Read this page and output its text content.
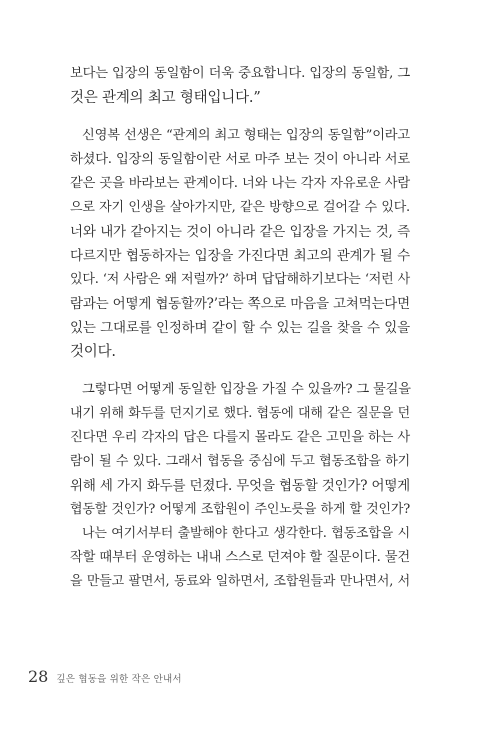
보다는 입장의 동일함이 더욱 중요합니다. 입장의 동일함, 그
것은 관계의 최고 형태입니다.”
신영복 선생은 “관계의 최고 형태는 입장의 동일함”이라고
하셨다. 입장의 동일함이란 서로 마주 보는 것이 아니라 서로
같은 곳을 바라보는 관계이다. 너와 나는 각자 자유로운 사람
으로 자기 인생을 살아가지만, 같은 방향으로 걸어갈 수 있다.
너와 내가 같아지는 것이 아니라 같은 입장을 가지는 것, 즉
다르지만 협동하자는 입장을 가진다면 최고의 관계가 될 수
있다. ‘저 사람은 왜 저럴까?’ 하며 답답해하기보다는 ‘저런 사
람과는 어떻게 협동할까?’라는 쪽으로 마음을 고쳐먹는다면
있는 그대로를 인정하며 같이 할 수 있는 길을 찾을 수 있을
것이다.
그렇다면 어떻게 동일한 입장을 가질 수 있을까? 그 물길을
내기 위해 화두를 던지기로 했다. 협동에 대해 같은 질문을 던
진다면 우리 각자의 답은 다를지 몰라도 같은 고민을 하는 사
람이 될 수 있다. 그래서 협동을 중심에 두고 협동조합을 하기
위해 세 가지 화두를 던졌다. 무엇을 협동할 것인가? 어떻게
협동할 것인가? 어떻게 조합원이 주인노릇을 하게 할 것인가?
나는 여기서부터 출발해야 한다고 생각한다. 협동조합을 시
작할 때부터 운영하는 내내 스스로 던져야 할 질문이다. 물건
을 만들고 팔면서, 동료와 일하면서, 조합원들과 만나면서, 서
28 깊은 협동을 위한 작은 안내서
